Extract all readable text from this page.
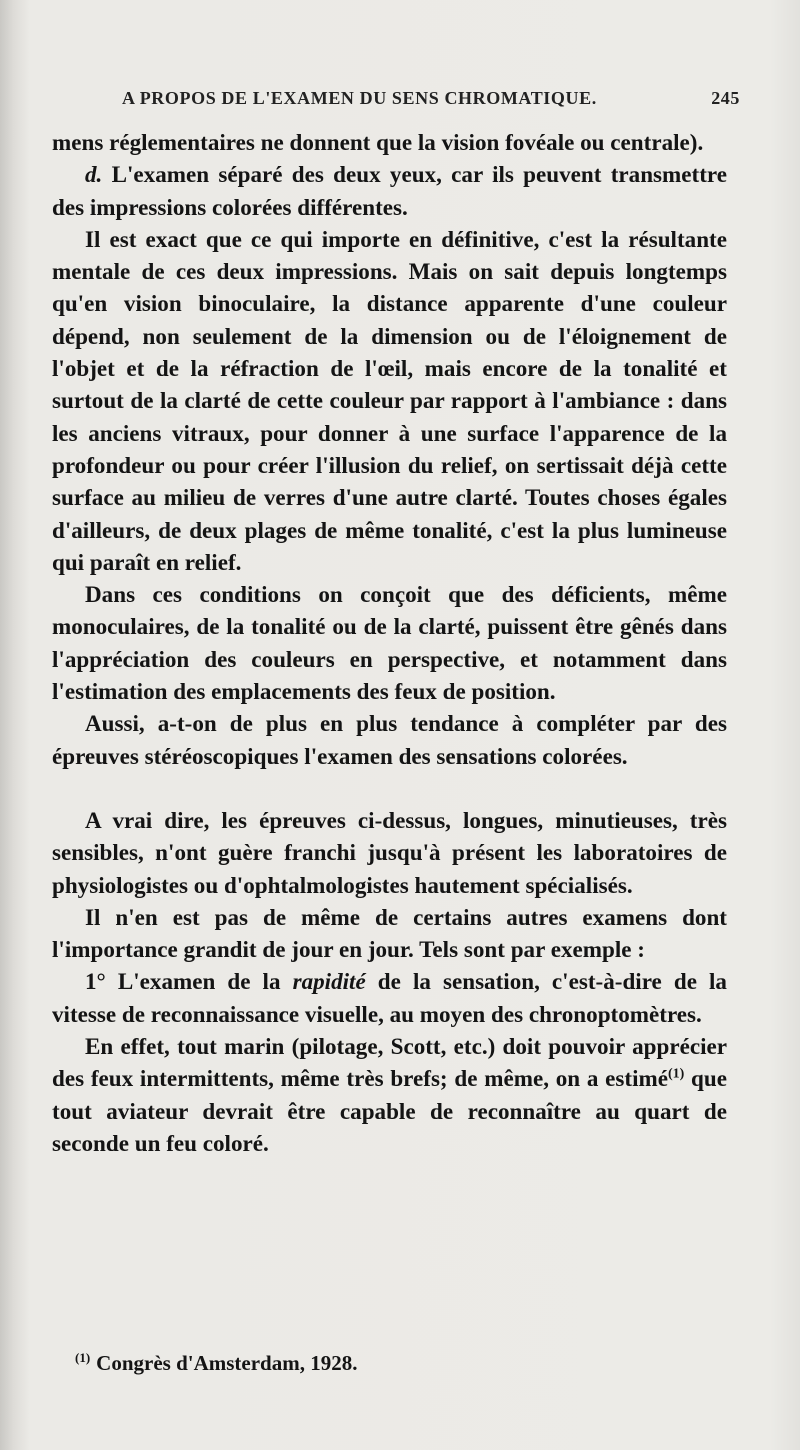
A PROPOS DE L'EXAMEN DU SENS CHROMATIQUE.	245

mens réglementaires ne donnent que la vision fovéale ou centrale).

d. L'examen séparé des deux yeux, car ils peuvent transmettre des impressions colorées différentes.

Il est exact que ce qui importe en définitive, c'est la résultante mentale de ces deux impressions. Mais on sait depuis longtemps qu'en vision binoculaire, la distance apparente d'une couleur dépend, non seulement de la dimension ou de l'éloignement de l'objet et de la réfraction de l'œil, mais encore de la tonalité et surtout de la clarté de cette couleur par rapport à l'ambiance : dans les anciens vitraux, pour donner à une surface l'apparence de la profondeur ou pour créer l'illusion du relief, on sertissait déjà cette surface au milieu de verres d'une autre clarté. Toutes choses égales d'ailleurs, de deux plages de même tonalité, c'est la plus lumineuse qui paraît en relief.

Dans ces conditions on conçoit que des déficients, même monoculaires, de la tonalité ou de la clarté, puissent être gênés dans l'appréciation des couleurs en perspective, et notamment dans l'estimation des emplacements des feux de position.

Aussi, a-t-on de plus en plus tendance à compléter par des épreuves stéréoscopiques l'examen des sensations colorées.

A vrai dire, les épreuves ci-dessus, longues, minutieuses, très sensibles, n'ont guère franchi jusqu'à présent les laboratoires de physiologistes ou d'ophtalmologistes hautement spécialisés.

Il n'en est pas de même de certains autres examens dont l'importance grandit de jour en jour. Tels sont par exemple :

1° L'examen de la rapidité de la sensation, c'est-à-dire de la vitesse de reconnaissance visuelle, au moyen des chronoptomètres.

En effet, tout marin (pilotage, Scott, etc.) doit pouvoir apprécier des feux intermittents, même très brefs; de même, on a estimé$^{(1)}$ que tout aviateur devrait être capable de reconnaître au quart de seconde un feu coloré.

$^{(1)}$ Congrès d'Amsterdam, 1928.
